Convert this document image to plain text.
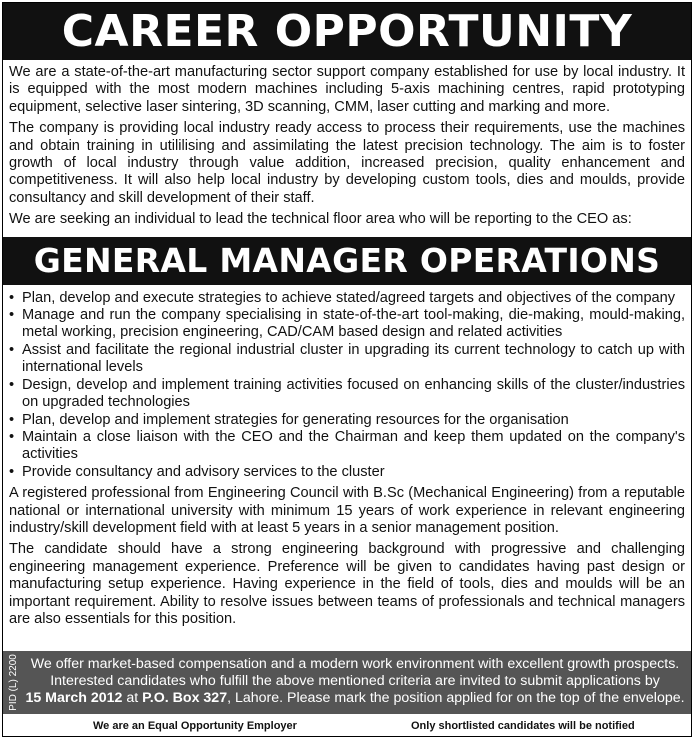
CAREER OPPORTUNITY

We are a state-of-the-art manufacturing sector support company established for use by local industry. It is equipped with the most modern machines including 5-axis machining centres, rapid prototyping equipment, selective laser sintering, 3D scanning, CMM, laser cutting and marking and more.

The company is providing local industry ready access to process their requirements, use the machines and obtain training in utililising and assimilating the latest precision technology. The aim is to foster growth of local industry through value addition, increased precision, quality enhancement and competitiveness. It will also help local industry by developing custom tools, dies and moulds, provide consultancy and skill development of their staff.

We are seeking an individual to lead the technical floor area who will be reporting to the CEO as:

GENERAL MANAGER OPERATIONS
• Plan, develop and execute strategies to achieve stated/agreed targets and objectives of the company
• Manage and run the company specialising in state-of-the-art tool-making, die-making, mould-making, metal working, precision engineering, CAD/CAM based design and related activities
• Assist and facilitate the regional industrial cluster in upgrading its current technology to catch up with international levels
• Design, develop and implement training activities focused on enhancing skills of the cluster/industries on upgraded technologies
• Plan, develop and implement strategies for generating resources for the organisation
• Maintain a close liaison with the CEO and the Chairman and keep them updated on the company's activities
• Provide consultancy and advisory services to the cluster

A registered professional from Engineering Council with B.Sc (Mechanical Engineering) from a reputable national or international university with minimum 15 years of work experience in relevant engineering industry/skill development field with at least 5 years in a senior management position.

The candidate should have a strong engineering background with progressive and challenging engineering management experience. Preference will be given to candidates having past design or manufacturing setup experience. Having experience in the field of tools, dies and moulds will be an important requirement. Ability to resolve issues between teams of professionals and technical managers are also essentials for this position.

We offer market-based compensation and a modern work environment with excellent growth prospects.
Interested candidates who fulfill the above mentioned criteria are invited to submit applications by
15 March 2012 at P.O. Box 327, Lahore. Please mark the position applied for on the top of the envelope.
PID (L) 2200
We are an Equal Opportunity Employer	Only shortlisted candidates will be notified
